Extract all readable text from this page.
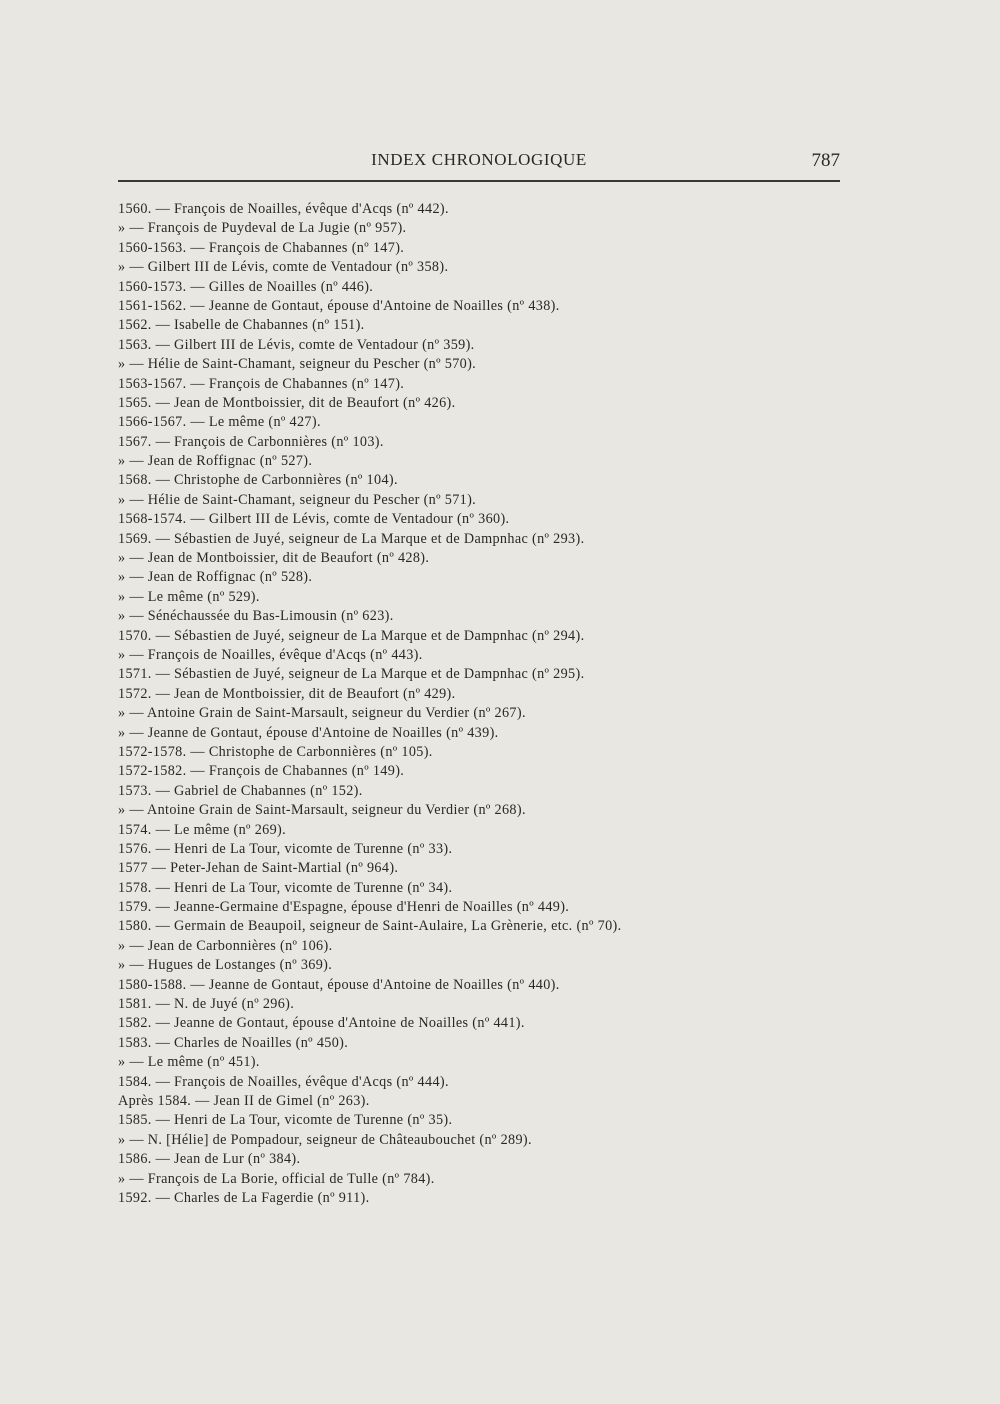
INDEX CHRONOLOGIQUE	787
1560. — François de Noailles, évêque d'Acqs (nº 442).
» — François de Puydeval de La Jugie (nº 957).
1560-1563. — François de Chabannes (nº 147).
» — Gilbert III de Lévis, comte de Ventadour (nº 358).
1560-1573. — Gilles de Noailles (nº 446).
1561-1562. — Jeanne de Gontaut, épouse d'Antoine de Noailles (nº 438).
1562. — Isabelle de Chabannes (nº 151).
1563. — Gilbert III de Lévis, comte de Ventadour (nº 359).
» — Hélie de Saint-Chamant, seigneur du Pescher (nº 570).
1563-1567. — François de Chabannes (nº 147).
1565. — Jean de Montboissier, dit de Beaufort (nº 426).
1566-1567. — Le même (nº 427).
1567. — François de Carbonnières (nº 103).
» — Jean de Roffignac (nº 527).
1568. — Christophe de Carbonnières (nº 104).
» — Hélie de Saint-Chamant, seigneur du Pescher (nº 571).
1568-1574. — Gilbert III de Lévis, comte de Ventadour (nº 360).
1569. — Sébastien de Juyé, seigneur de La Marque et de Dampnhac (nº 293).
» — Jean de Montboissier, dit de Beaufort (nº 428).
» — Jean de Roffignac (nº 528).
» — Le même (nº 529).
» — Sénéchaussée du Bas-Limousin (nº 623).
1570. — Sébastien de Juyé, seigneur de La Marque et de Dampnhac (nº 294).
» — François de Noailles, évêque d'Acqs (nº 443).
1571. — Sébastien de Juyé, seigneur de La Marque et de Dampnhac (nº 295).
1572. — Jean de Montboissier, dit de Beaufort (nº 429).
» — Antoine Grain de Saint-Marsault, seigneur du Verdier (nº 267).
» — Jeanne de Gontaut, épouse d'Antoine de Noailles (nº 439).
1572-1578. — Christophe de Carbonnières (nº 105).
1572-1582. — François de Chabannes (nº 149).
1573. — Gabriel de Chabannes (nº 152).
» — Antoine Grain de Saint-Marsault, seigneur du Verdier (nº 268).
1574. — Le même (nº 269).
1576. — Henri de La Tour, vicomte de Turenne (nº 33).
1577 — Peter-Jehan de Saint-Martial (nº 964).
1578. — Henri de La Tour, vicomte de Turenne (nº 34).
1579. — Jeanne-Germaine d'Espagne, épouse d'Henri de Noailles (nº 449).
1580. — Germain de Beaupoil, seigneur de Saint-Aulaire, La Grènerie, etc. (nº 70).
» — Jean de Carbonnières (nº 106).
» — Hugues de Lostanges (nº 369).
1580-1588. — Jeanne de Gontaut, épouse d'Antoine de Noailles (nº 440).
1581. — N. de Juyé (nº 296).
1582. — Jeanne de Gontaut, épouse d'Antoine de Noailles (nº 441).
1583. — Charles de Noailles (nº 450).
» — Le même (nº 451).
1584. — François de Noailles, évêque d'Acqs (nº 444).
Après 1584. — Jean II de Gimel (nº 263).
1585. — Henri de La Tour, vicomte de Turenne (nº 35).
» — N. [Hélie] de Pompadour, seigneur de Châteaubouchet (nº 289).
1586. — Jean de Lur (nº 384).
» — François de La Borie, official de Tulle (nº 784).
1592. — Charles de La Fagerdie (nº 911).
